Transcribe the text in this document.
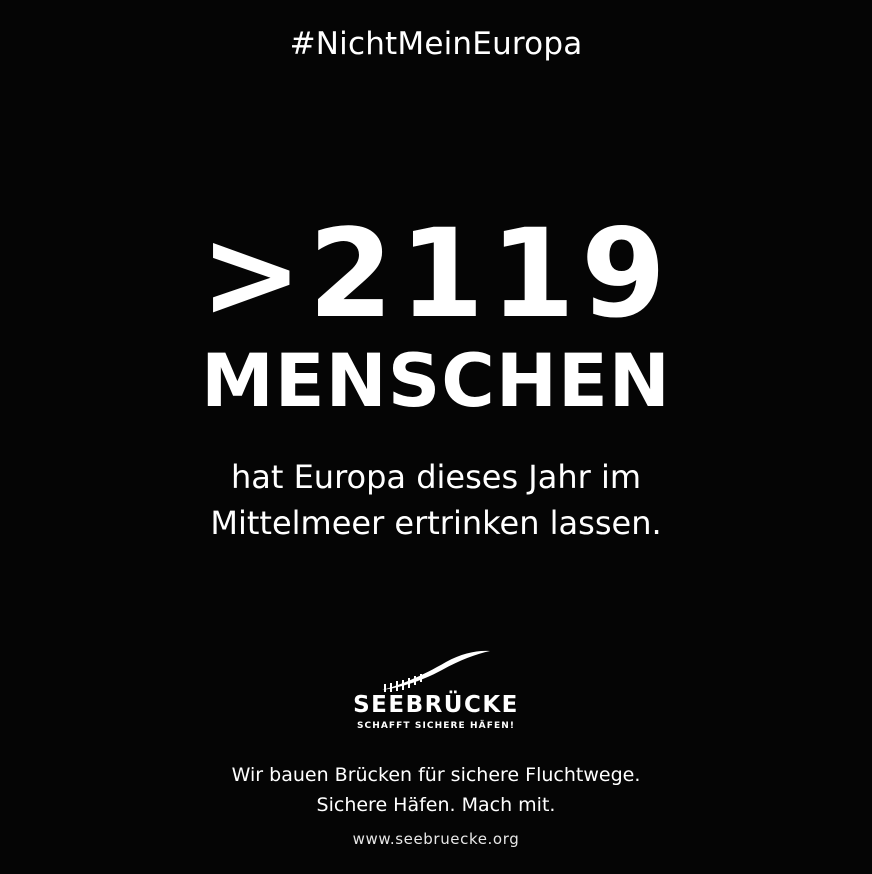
#NichtMeinEuropa
>2119
MENSCHEN
hat Europa dieses Jahr im
Mittelmeer ertrinken lassen.
SEEBRÜCKE
SCHAFFT SICHERE HÄFEN!
Wir bauen Brücken für sichere Fluchtwege.
Sichere Häfen. Mach mit.
www.seebruecke.org
